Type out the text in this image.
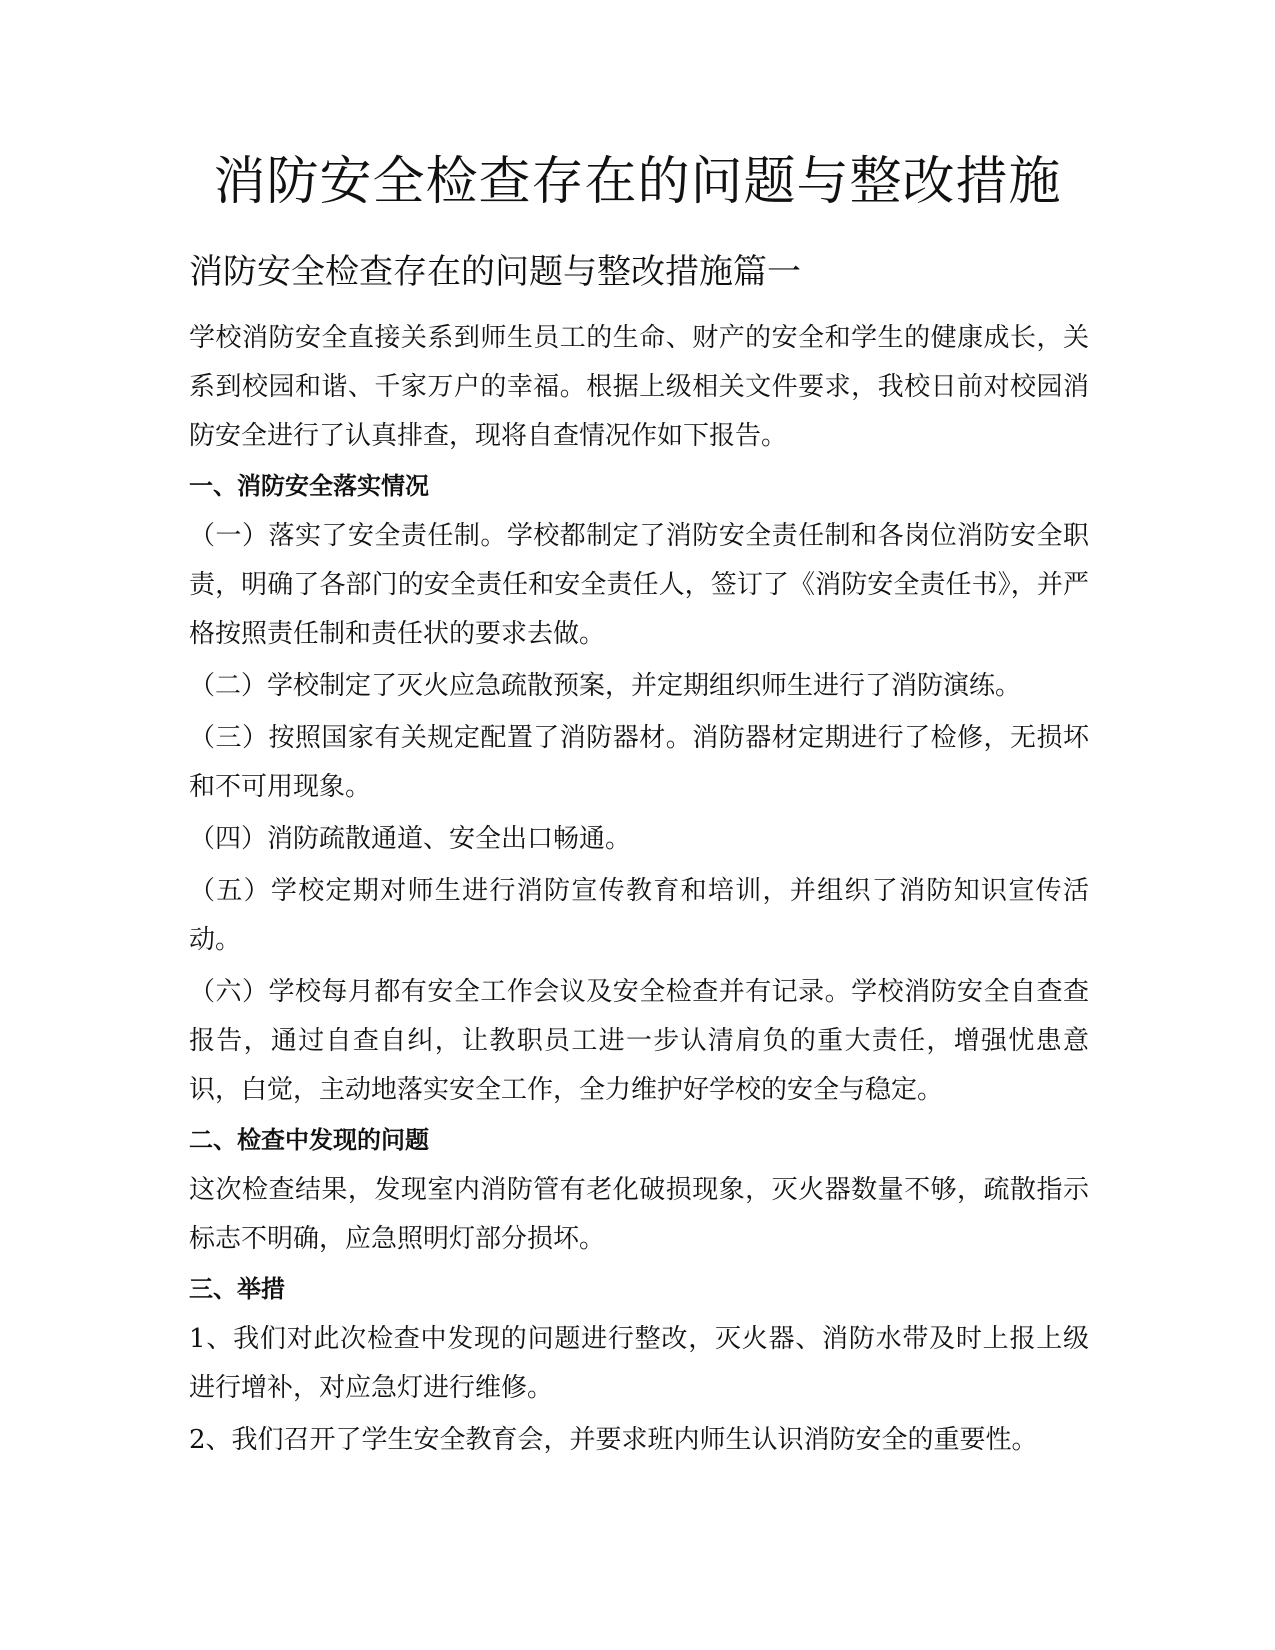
消防安全检查存在的问题与整改措施
消防安全检查存在的问题与整改措施篇一

学校消防安全直接关系到师生员工的生命、财产的安全和学生的健康成长，关系到校园和谐、千家万户的幸福。根据上级相关文件要求，我校日前对校园消防安全进行了认真排查，现将自查情况作如下报告。

一、消防安全落实情况

（一）落实了安全责任制。学校都制定了消防安全责任制和各岗位消防安全职责，明确了各部门的安全责任和安全责任人，签订了《消防安全责任书》，并严格按照责任制和责任状的要求去做。

（二）学校制定了灭火应急疏散预案，并定期组织师生进行了消防演练。

（三）按照国家有关规定配置了消防器材。消防器材定期进行了检修，无损坏和不可用现象。

（四）消防疏散通道、安全出口畅通。

（五）学校定期对师生进行消防宣传教育和培训，并组织了消防知识宣传活动。

（六）学校每月都有安全工作会议及安全检查并有记录。学校消防安全自查查报告，通过自查自纠，让教职员工进一步认清肩负的重大责任，增强忧患意识，白觉，主动地落实安全工作，全力维护好学校的安全与稳定。

二、检查中发现的问题

这次检查结果，发现室内消防管有老化破损现象，灭火器数量不够，疏散指示标志不明确，应急照明灯部分损坏。

三、举措

1、我们对此次检查中发现的问题进行整改，灭火器、消防水带及时上报上级进行增补，对应急灯进行维修。

2、我们召开了学生安全教育会，并要求班内师生认识消防安全的重要性。
